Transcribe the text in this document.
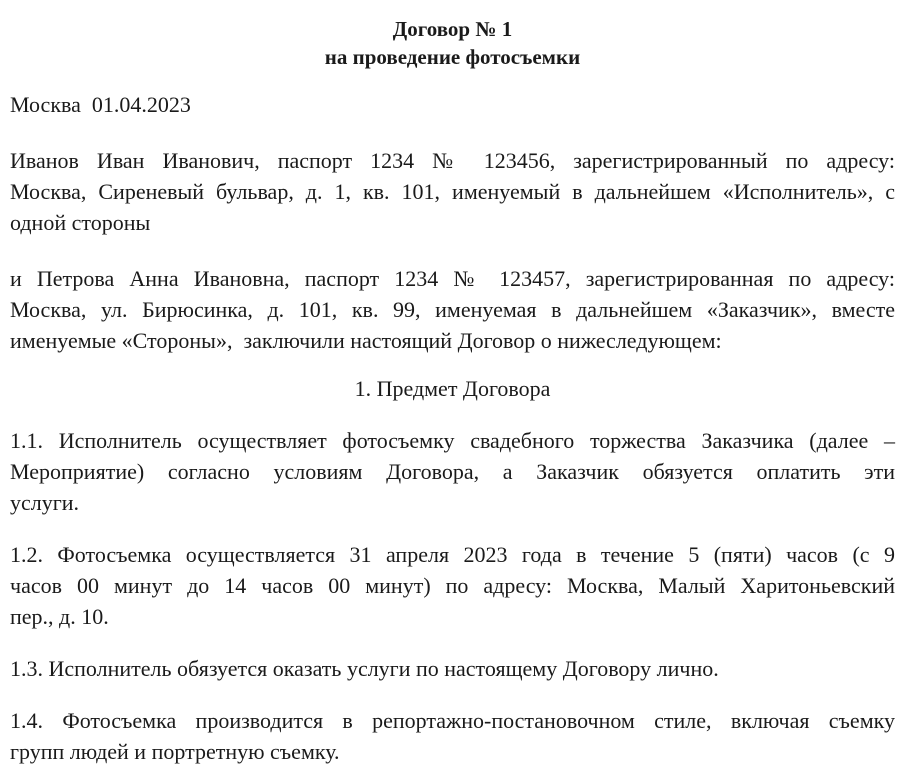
Договор № 1
на проведение фотосъемки
Москва  01.04.2023
Иванов Иван Иванович, паспорт 1234 № 123456, зарегистрированный по адресу:
Москва, Сиреневый бульвар, д. 1, кв. 101, именуемый в дальнейшем «Исполнитель», с
одной стороны
и Петрова Анна Ивановна, паспорт 1234 № 123457, зарегистрированная по адресу:
Москва, ул. Бирюсинка, д. 101, кв. 99, именуемая в дальнейшем «Заказчик», вместе
именуемые «Стороны»,  заключили настоящий Договор о нижеследующем:
1. Предмет Договора
1.1. Исполнитель осуществляет фотосъемку свадебного торжества Заказчика (далее –
Мероприятие) согласно условиям Договора, а Заказчик обязуется оплатить эти
услуги.
1.2. Фотосъемка осуществляется 31 апреля 2023 года в течение 5 (пяти) часов (с 9
часов 00 минут до 14 часов 00 минут) по адресу: Москва, Малый Харитоньевский
пер., д. 10.
1.3. Исполнитель обязуется оказать услуги по настоящему Договору лично.
1.4. Фотосъемка производится в репортажно-постановочном стиле, включая съемку
групп людей и портретную съемку.
